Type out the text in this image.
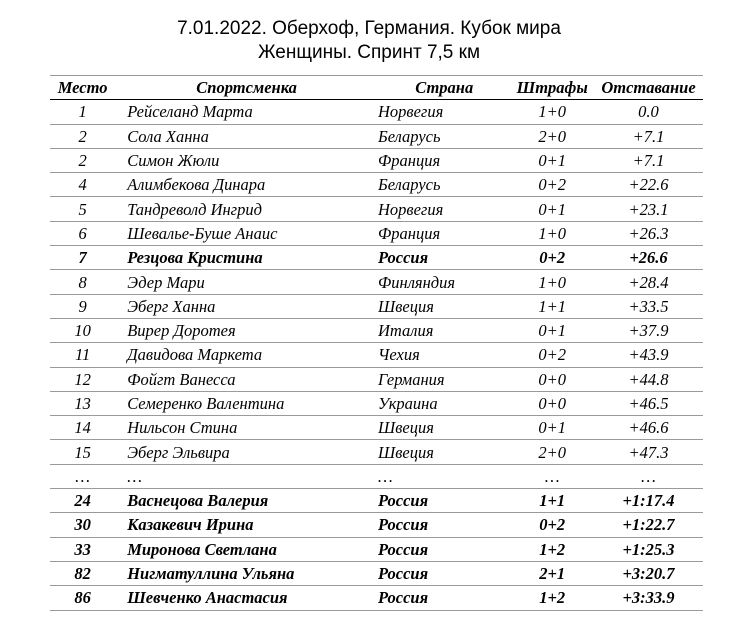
7.01.2022. Оберхоф, Германия. Кубок мира
Женщины. Спринт 7,5 км
Место	Спортсменка	Страна	Штрафы	Отставание
1	Рейселанд Марта	Норвегия	1+0	0.0
2	Сола Ханна	Беларусь	2+0	+7.1
2	Симон Жюли	Франция	0+1	+7.1
4	Алимбекова Динара	Беларусь	0+2	+22.6
5	Тандреволд Ингрид	Норвегия	0+1	+23.1
6	Шевалье-Буше Анаис	Франция	1+0	+26.3
7	Резцова Кристина	Россия	0+2	+26.6
8	Эдер Мари	Финляндия	1+0	+28.4
9	Эберг Ханна	Швеция	1+1	+33.5
10	Вирер Доротея	Италия	0+1	+37.9
11	Давидова Маркета	Чехия	0+2	+43.9
12	Фойгт Ванесса	Германия	0+0	+44.8
13	Семеренко Валентина	Украина	0+0	+46.5
14	Нильсон Стина	Швеция	0+1	+46.6
15	Эберг Эльвира	Швеция	2+0	+47.3
…	…	…	…	…
24	Васнецова Валерия	Россия	1+1	+1:17.4
30	Казакевич Ирина	Россия	0+2	+1:22.7
33	Миронова Светлана	Россия	1+2	+1:25.3
82	Нигматуллина Ульяна	Россия	2+1	+3:20.7
86	Шевченко Анастасия	Россия	1+2	+3:33.9
